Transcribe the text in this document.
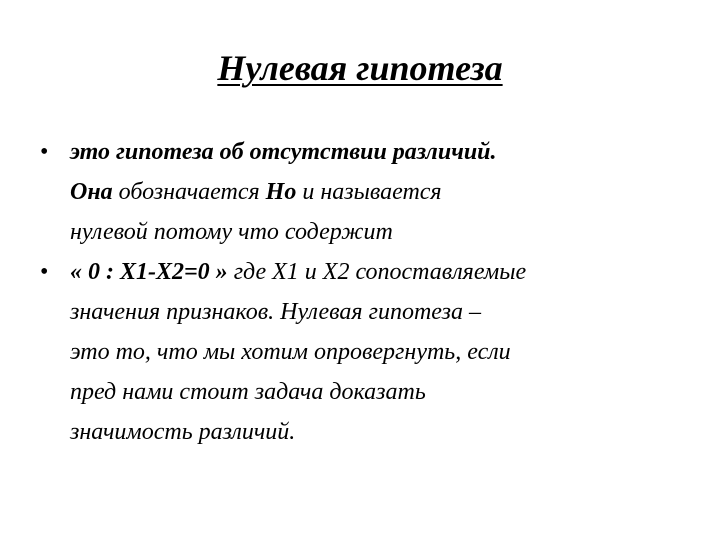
Нулевая гипотеза
• это гипотеза об отсутствии различий.
Она обозначается Ho и называется
нулевой потому что содержит
• « 0 : X1-X2=0 » где X1 и X2 сопоставляемые
значения признаков. Нулевая гипотеза –
это то, что мы хотим опровергнуть, если
пред нами стоит задача доказать
значимость различий.
